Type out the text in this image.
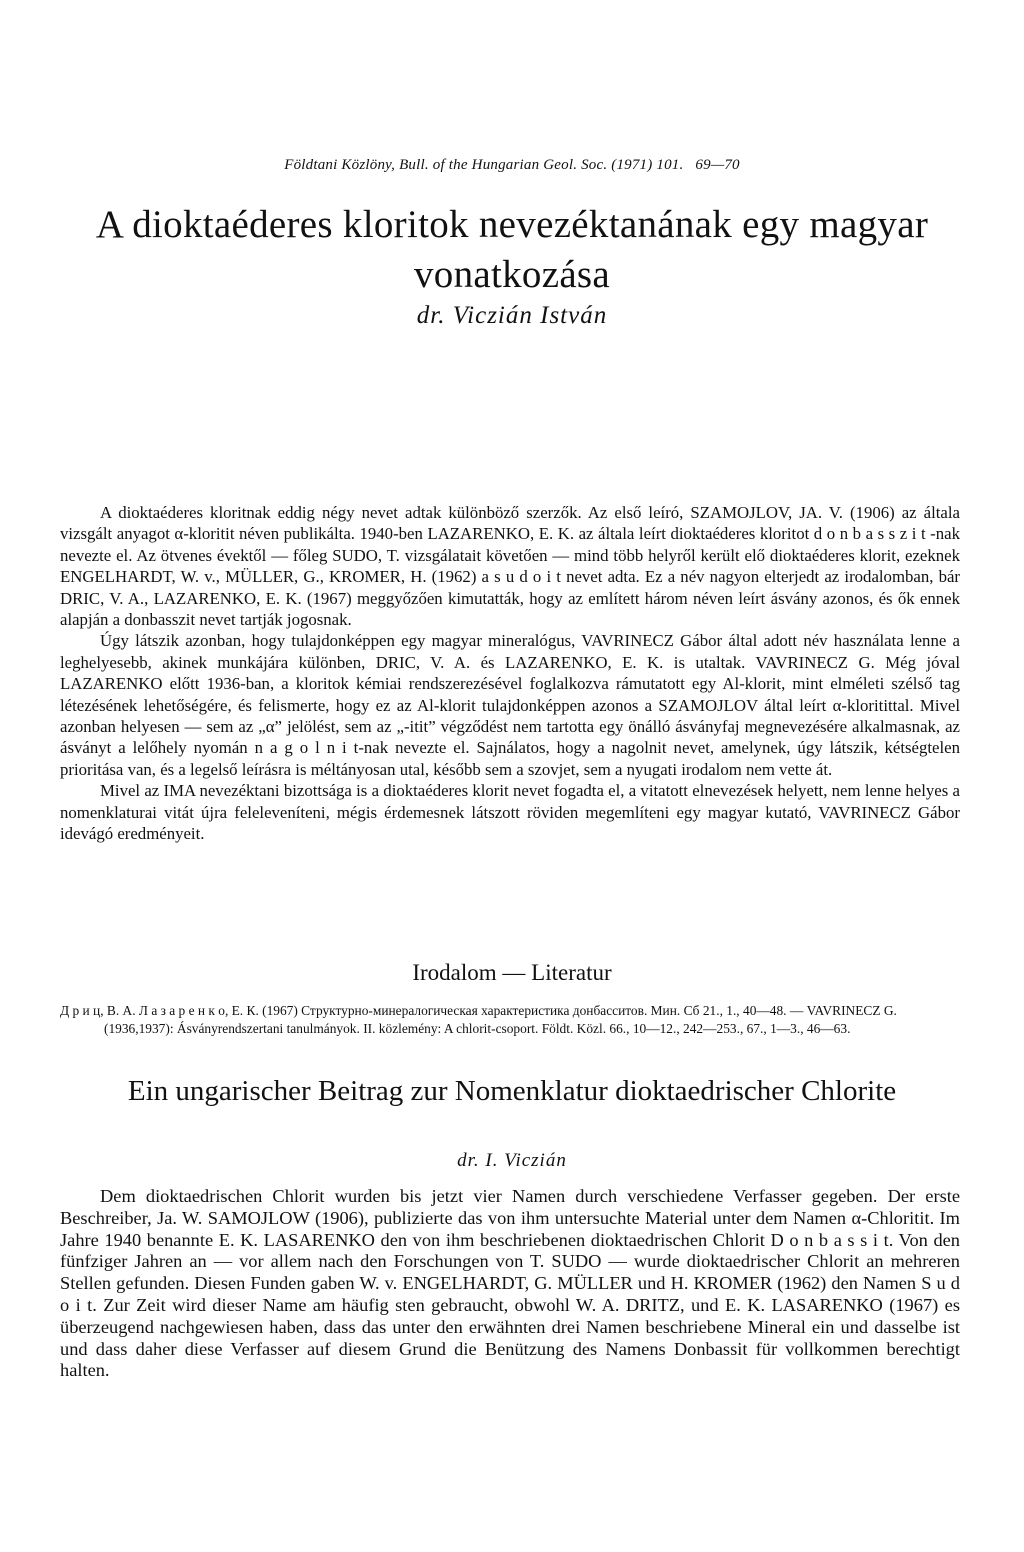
Földtani Közlöny, Bull. of the Hungarian Geol. Soc. (1971) 101. 69—70
A dioktaéderes kloritok nevezéktanának egy magyar vonatkozása
dr. Viczián István

A dioktaéderes kloritnak eddig négy nevet adtak különböző szerzők. Az első leíró, SZAMOJLOV, JA. V. (1906) az általa vizsgált anyagot α-kloritit néven publikálta. 1940-ben LAZARENKO, E. K. az általa leírt dioktaéderes kloritot d o n b a s s z i t -nak nevezte el. Az ötvenes évektől — főleg SUDO, T. vizsgálatait követően — mind több helyről került elő dioktaéderes klorit, ezeknek ENGELHARDT, W. v., MÜLLER, G., KROMER, H. (1962) a s u d o i t nevet adta. Ez a név nagyon elterjedt az irodalomban, bár DRIC, V. A., LAZARENKO, E. K. (1967) meggyőzően kimutatták, hogy az említett három néven leírt ásvány azonos, és ők ennek alapján a donbasszit nevet tartják jogosnak.

Úgy látszik azonban, hogy tulajdonképpen egy magyar mineralógus, VAVRINECZ Gábor által adott név használata lenne a leghelyesebb, akinek munkájára különben, DRIC, V. A. és LAZARENKO, E. K. is utaltak. VAVRINECZ G. Még jóval LAZARENKO előtt 1936-ban, a kloritok kémiai rendszerezésével foglalkozva rámutatott egy Al-klorit, mint elméleti szélső tag létezésének lehetőségére, és felismerte, hogy ez az Al-klorit tulajdonképpen azonos a SZAMOJLOV által leírt α-kloritittal. Mivel azonban helyesen — sem az „α” jelölést, sem az „-itit” végződést nem tartotta egy önálló ásványfaj megnevezésére alkalmasnak, az ásványt a lelőhely nyomán n a g o l n i t-nak nevezte el. Sajnálatos, hogy a nagolnit nevet, amelynek, úgy látszik, kétségtelen prioritása van, és a legelső leírásra is méltányosan utal, később sem a szovjet, sem a nyugati irodalom nem vette át.

Mivel az IMA nevezéktani bizottsága is a dioktaéderes klorit nevet fogadta el, a vitatott elnevezések helyett, nem lenne helyes a nomenklaturai vitát újra feleleveníteni, mégis érdemesnek látszott röviden megemlíteni egy magyar kutató, VAVRINECZ Gábor idevágó eredményeit.

Irodalom — Literatur

Д р и ц, В. А. Л а з а р е н к о, Е. К. (1967) Структурно-минералогическая характеристика донбасситов. Мин. Сб 21., 1., 40—48. — VAVRINECZ G. (1936,1937): Ásványrendszertani tanulmányok. II. közlemény: A chlorit-csoport. Földt. Közl. 66., 10—12., 242—253., 67., 1—3., 46—63.

Ein ungarischer Beitrag zur Nomenklatur dioktaedrischer Chlorite
dr. I. Viczián

Dem dioktaedrischen Chlorit wurden bis jetzt vier Namen durch verschiedene Verfasser gegeben. Der erste Beschreiber, Ja. W. SAMOJLOW (1906), publizierte das von ihm untersuchte Material unter dem Namen α-Chloritit. Im Jahre 1940 benannte E. K. LASARENKO den von ihm beschriebenen dioktaedrischen Chlorit D o n b a s s i t. Von den fünfziger Jahren an — vor allem nach den Forschungen von T. SUDO — wurde dioktaedrischer Chlorit an mehreren Stellen gefunden. Diesen Funden gaben W. v. ENGELHARDT, G. MÜLLER und H. KROMER (1962) den Namen S u d o i t. Zur Zeit wird dieser Name am häufig sten gebraucht, obwohl W. A. DRITZ, und E. K. LASARENKO (1967) es überzeugend nachgewiesen haben, dass das unter den erwähnten drei Namen beschriebene Mineral ein und dasselbe ist und dass daher diese Verfasser auf diesem Grund die Benützung des Namens Donbassit für vollkommen berechtigt halten.
